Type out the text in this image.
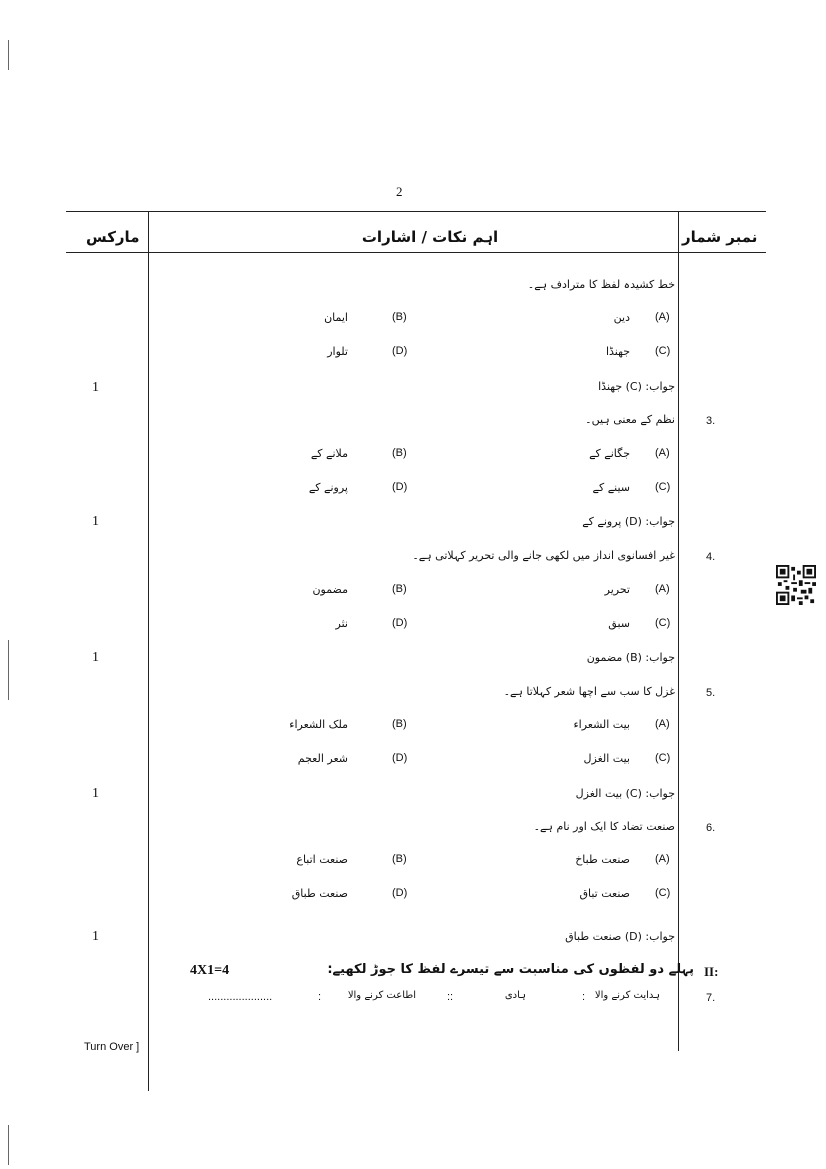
2
مارکس	اہم نکات / اشارات	نمبر شمار
خط کشیدہ لفظ کا مترادف ہے۔
(A)
دین
(B)
ایمان
(C)
جھنڈا
(D)
تلوار
جواب: (C) جھنڈا
1
3.
نظم کے معنی ہیں۔
(A)
جگانے کے
(B)
ملانے کے
(C)
سینے کے
(D)
پرونے کے
جواب: (D) پرونے کے
1
4.
غیر افسانوی انداز میں لکھی جانے والی تحریر کہلاتی ہے۔
(A)
تحریر
(B)
مضمون
(C)
سبق
(D)
نثر
جواب: (B) مضمون
1
5.
غزل کا سب سے اچھا شعر کہلاتا ہے۔
(A)
بیت الشعراء
(B)
ملک الشعراء
(C)
بیت الغزل
(D)
شعر العجم
جواب: (C) بیت الغزل
1
6.
صنعت تضاد کا ایک اور نام ہے۔
(A)
صنعت طباخ
(B)
صنعت اتباع
(C)
صنعت تباق
(D)
صنعت طباق
جواب: (D) صنعت طباق
1
II:
پہلے دو لفظوں کی مناسبت سے تیسرے لفظ کا جوڑ لکھیے:
4X1=4
7.
ہدایت کرنے والا
:
ہادی
::
اطاعت کرنے والا
:
.....................
Turn Over ]
